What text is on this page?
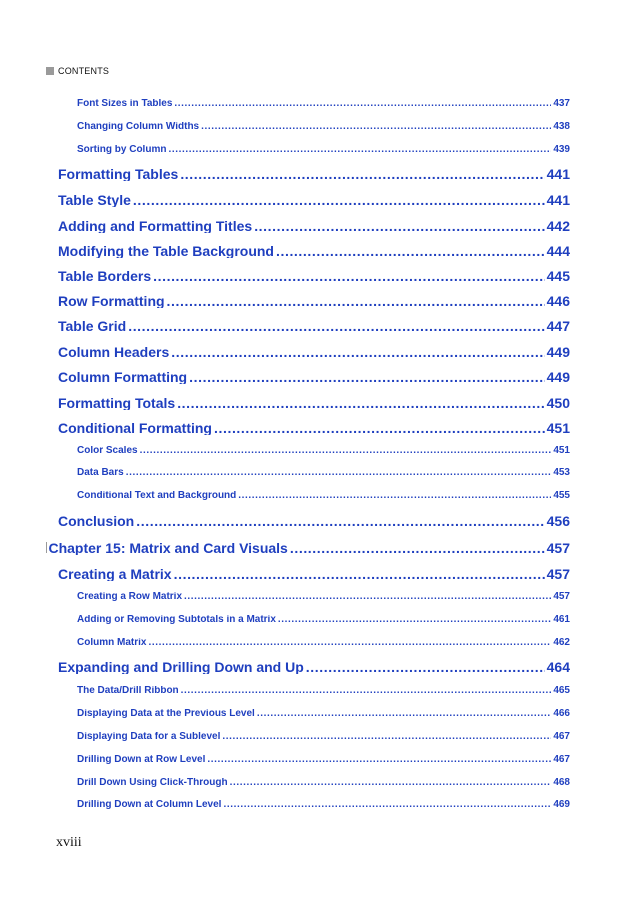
CONTENTS
Font Sizes in Tables .....	437
Changing Column Widths .....	438
Sorting by Column .....	439
Formatting Tables .....	441
Table Style .....	441
Adding and Formatting Titles .....	442
Modifying the Table Background .....	444
Table Borders .....	445
Row Formatting .....	446
Table Grid .....	447
Column Headers .....	449
Column Formatting .....	449
Formatting Totals .....	450
Conditional Formatting .....	451
Color Scales .....	451
Data Bars .....	453
Conditional Text and Background .....	455
Conclusion .....	456
Chapter 15: Matrix and Card Visuals .....	457
Creating a Matrix .....	457
Creating a Row Matrix .....	457
Adding or Removing Subtotals in a Matrix .....	461
Column Matrix .....	462
Expanding and Drilling Down and Up .....	464
The Data/Drill Ribbon .....	465
Displaying Data at the Previous Level .....	466
Displaying Data for a Sublevel .....	467
Drilling Down at Row Level .....	467
Drill Down Using Click-Through .....	468
Drilling Down at Column Level .....	469
xviii
